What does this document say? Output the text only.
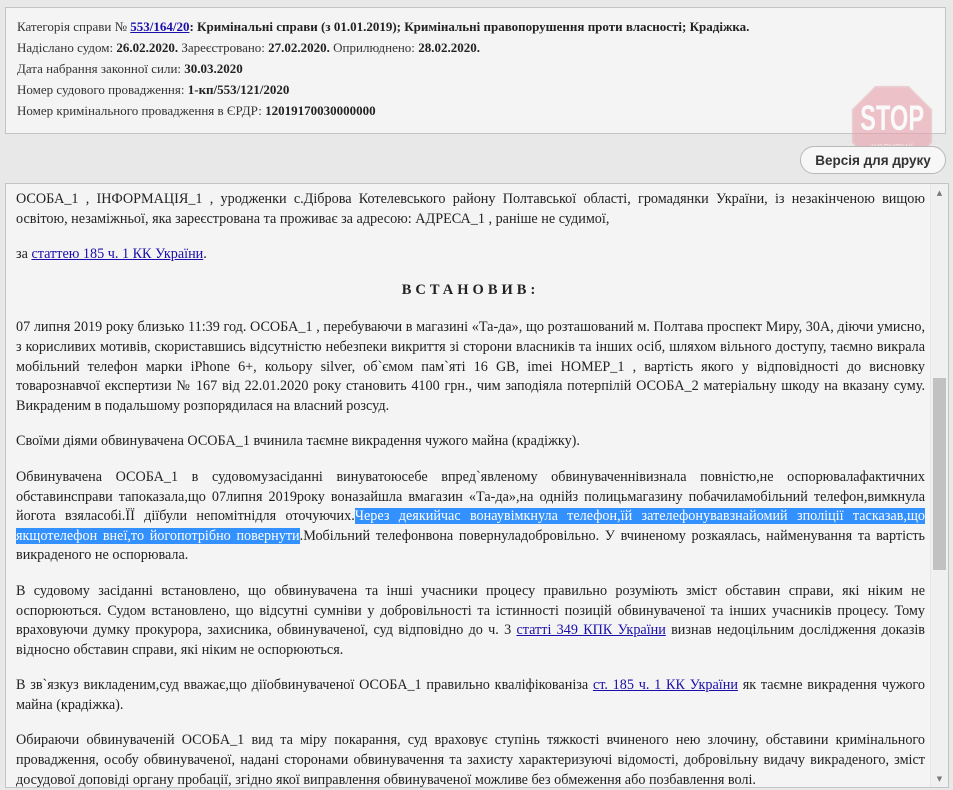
Категорія справи № 553/164/20: Кримінальні справи (з 01.01.2019); Кримінальні правопорушення проти власності; Крадіжка.
Надіслано судом: 26.02.2020. Зареєстровано: 27.02.2020. Оприлюднено: 28.02.2020.
Дата набрання законної сили: 30.03.2020
Номер судового провадження: 1-кп/553/121/2020
Номер кримінального провадження в ЄРДР: 12019170030000000	STOP
Версія для друку

ОСОБА_1 , ІНФОРМАЦІЯ_1 , уродженки с.Діброва Котелевського району Полтавської області, громадянки України, із незакінченою вищою освітою, незаміжньої, яка зареєстрована та проживає за адресою: АДРЕСА_1 , раніше не судимої,

за статтею 185 ч. 1 КК України.

ВСТАНОВИВ:

07 липня 2019 року близько 11:39 год. ОСОБА_1 , перебуваючи в магазині «Та-да», що розташований м. Полтава проспект Миру, 30А, діючи умисно, з корисливих мотивів, скориставшись відсутністю небезпеки викриття зі сторони власників та інших осіб, шляхом вільного доступу, таємно викрала мобільний телефон марки iPhone 6+, кольору silver, об`ємом пам`яті 16 GB, imei НОМЕР_1 , вартість якого у відповідності до висновку товарознавчої експертизи № 167 від 22.01.2020 року становить 4100 грн., чим заподіяла потерпілій ОСОБА_2 матеріальну шкоду на вказану суму. Викраденим в подальшому розпорядилася на власний розсуд.

Своїми діями обвинувачена ОСОБА_1 вчинила таємне викрадення чужого майна (крадіжку).

Обвинувачена ОСОБА_1 в судовомузасіданні винуватоюсебе впред`явленому обвинуваченнівизнала повністю,не оспорювалафактичних обставинсправи тапоказала,що 07липня 2019року воназайшла вмагазин «Та-да»,на однійз полицьмагазину побачиламобільний телефон,вимкнула йогота взяласобі.ЇЇ діїбули непомітнідля оточуючих.Через деякийчас вонаувімкнула телефон,їй зателефонувавзнайомий зполіції тасказав,що якщотелефон внеї,то йогопотрібно повернути.Мобільний телефонвона повернуладобровільно. У вчиненому розкаялась, найменування та вартість викраденого не оспорювала.

В судовому засіданні встановлено, що обвинувачена та інші учасники процесу правильно розуміють зміст обставин справи, які ніким не оспорюються. Судом встановлено, що відсутні сумніви у добровільності та істинності позицій обвинуваченої та інших учасників процесу. Тому враховуючи думку прокурора, захисника, обвинуваченої, суд відповідно до ч. 3 статті 349 КПК України визнав недоцільним дослідження доказів відносно обставин справи, які ніким не оспорюються.

В зв`язкуз викладеним,суд вважає,що діїобвинуваченої ОСОБА_1 правильно кваліфікованіза ст. 185 ч. 1 КК України як таємне викрадення чужого майна (крадіжка).

Обираючи обвинуваченій ОСОБА_1 вид та міру покарання, суд враховує ступінь тяжкості вчиненого нею злочину, обставини кримінального провадження, особу обвинуваченої, надані сторонами обвинувачення та захисту характеризуючі відомості, добровільну видачу викраденого, зміст досудової доповіді органу пробації, згідно якої виправлення обвинуваченої можливе без обмеження або позбавлення волі.

▲
▼
